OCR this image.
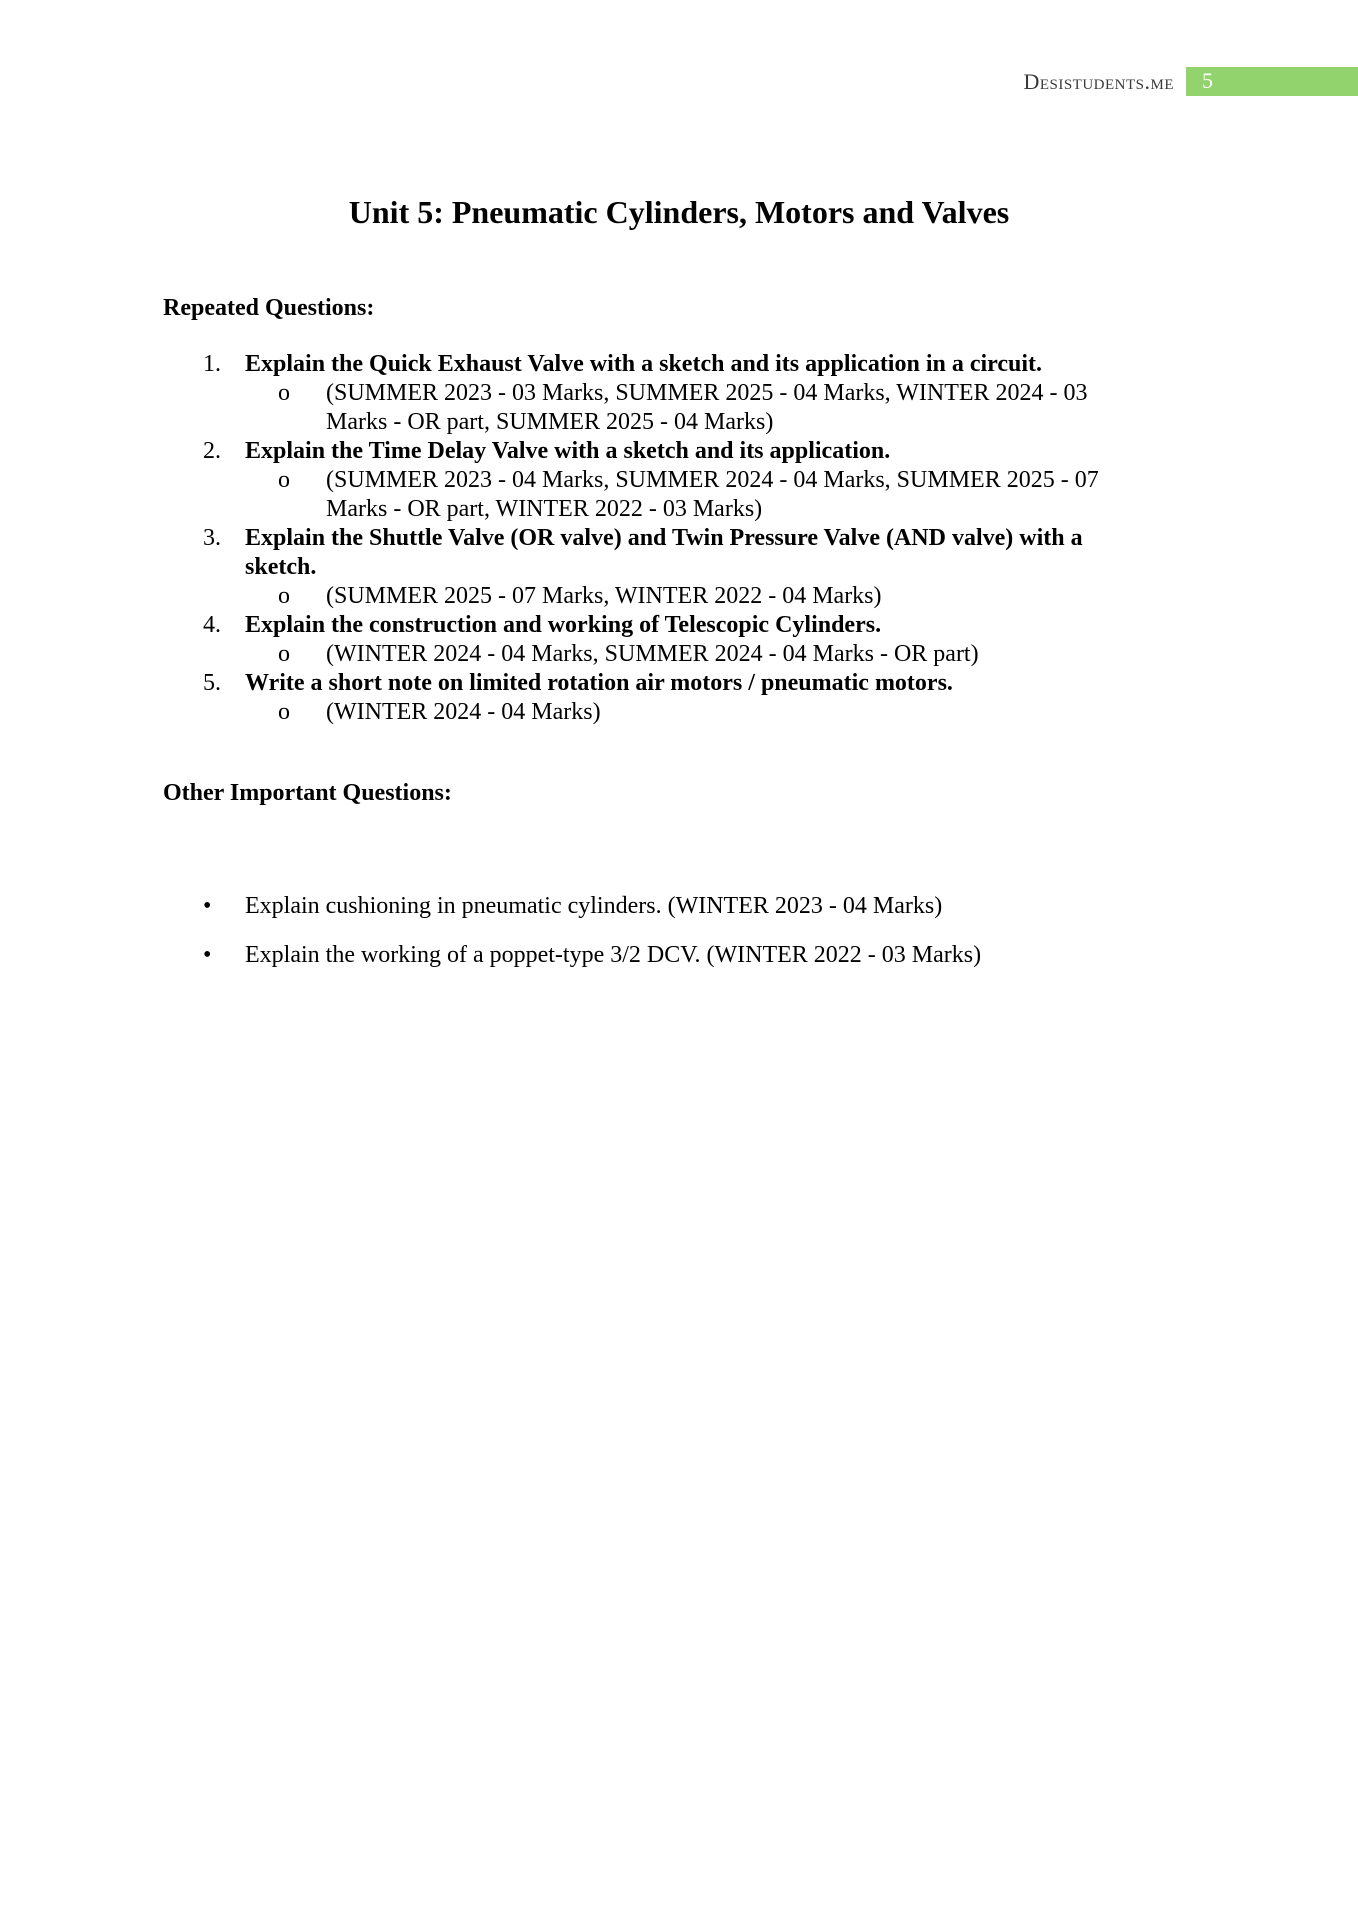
Desistudents.me 5
Unit 5: Pneumatic Cylinders, Motors and Valves
Repeated Questions:
1. Explain the Quick Exhaust Valve with a sketch and its application in a circuit.
o (SUMMER 2023 - 03 Marks, SUMMER 2025 - 04 Marks, WINTER 2024 - 03 Marks - OR part, SUMMER 2025 - 04 Marks)
2. Explain the Time Delay Valve with a sketch and its application.
o (SUMMER 2023 - 04 Marks, SUMMER 2024 - 04 Marks, SUMMER 2025 - 07 Marks - OR part, WINTER 2022 - 03 Marks)
3. Explain the Shuttle Valve (OR valve) and Twin Pressure Valve (AND valve) with a sketch.
o (SUMMER 2025 - 07 Marks, WINTER 2022 - 04 Marks)
4. Explain the construction and working of Telescopic Cylinders.
o (WINTER 2024 - 04 Marks, SUMMER 2024 - 04 Marks - OR part)
5. Write a short note on limited rotation air motors / pneumatic motors.
o (WINTER 2024 - 04 Marks)
Other Important Questions:
• Explain cushioning in pneumatic cylinders. (WINTER 2023 - 04 Marks)
• Explain the working of a poppet-type 3/2 DCV. (WINTER 2022 - 03 Marks)
